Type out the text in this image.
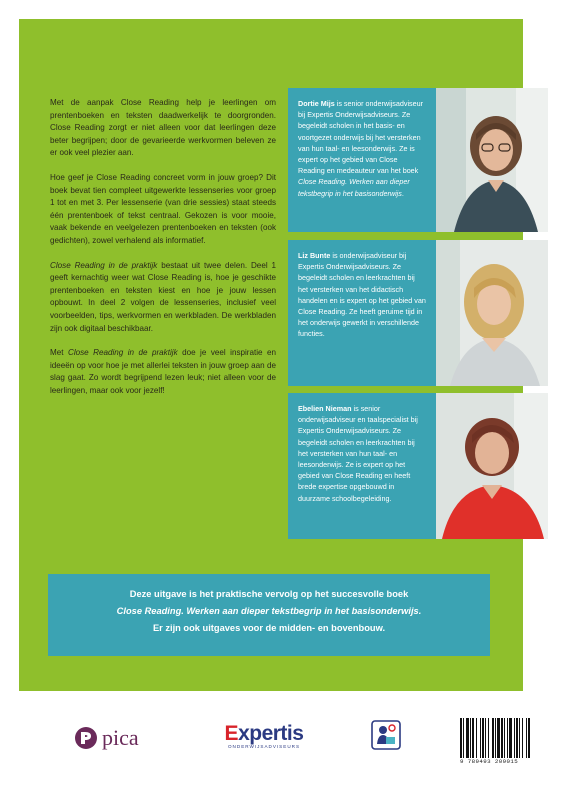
Met de aanpak Close Reading help je leerlingen om prentenboeken en teksten daadwerkelijk te doorgronden. Close Reading zorgt er niet alleen voor dat leerlingen deze beter begrijpen; door de gevarieerde werkvormen beleven ze er ook veel plezier aan.

Hoe geef je Close Reading concreet vorm in jouw groep? Dit boek bevat tien compleet uitgewerkte lessenseries voor groep 1 tot en met 3. Per lessenserie (van drie sessies) staat steeds één prentenboek of tekst centraal. Gekozen is voor mooie, vaak bekende en veelgelezen prentenboeken en teksten (ook gedichten), zowel verhalend als informatief.

Close Reading in de praktijk bestaat uit twee delen. Deel 1 geeft kernachtig weer wat Close Reading is, hoe je geschikte prentenboeken en teksten kiest en hoe je jouw lessen opbouwt. In deel 2 volgen de lessenseries, inclusief veel voorbeelden, tips, werkvormen en werkbladen. De werkbladen zijn ook digitaal beschikbaar.

Met Close Reading in de praktijk doe je veel inspiratie en ideeën op voor hoe je met allerlei teksten in jouw groep aan de slag gaat. Zo wordt begrijpend lezen leuk; niet alleen voor de leerlingen, maar ook voor jezelf!

Dortie Mijs is senior onderwijsadviseur bij Expertis Onderwijsadviseurs. Ze begeleidt scholen in het basis- en voortgezet onderwijs bij het versterken van hun taal- en leesonderwijs. Ze is expert op het gebied van Close Reading en medeauteur van het boek Close Reading. Werken aan dieper tekstbegrip in het basisonderwijs.
Liz Bunte is onderwijsadviseur bij Expertis Onderwijsadviseurs. Ze begeleidt scholen en leerkrachten bij het versterken van het didactisch handelen en is expert op het gebied van Close Reading. Ze heeft geruime tijd in het onderwijs gewerkt in verschillende functies.
Ebelien Nieman is senior onderwijsadviseur en taalspecialist bij Expertis Onderwijsadviseurs. Ze begeleidt scholen en leerkrachten bij het versterken van hun taal- en leesonderwijs. Ze is expert op het gebied van Close Reading en heeft brede expertise opgebouwd in duurzame schoolbegeleiding.
Deze uitgave is het praktische vervolg op het succesvolle boek
Close Reading. Werken aan dieper tekstbegrip in het basisonderwijs.
Er zijn ook uitgaves voor de midden- en bovenbouw.
pica	Expertis
ONDERWIJSADVISEURS
9 789493 209015
